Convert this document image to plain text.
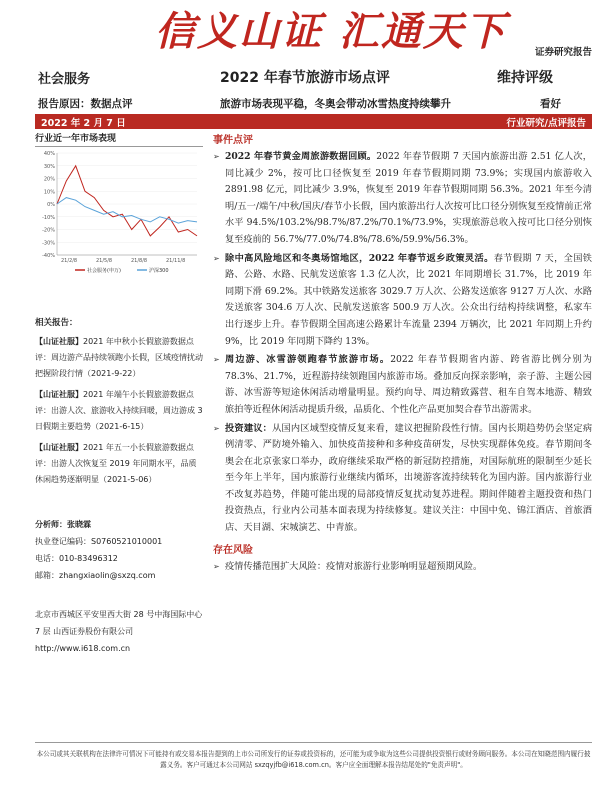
信义山证 汇通天下	证券研究报告
社会服务	2022 年春节旅游市场点评	维持评级
报告原因：数据点评	旅游市场表现平稳，冬奥会带动冰雪热度持续攀升	看好
2022 年 2 月 7 日	行业研究/点评报告
行业近一年市场表现
40%
30%
20%
10%
0%
-10%
-20%
-30%
-40%
21/2/8	21/5/8	21/8/8	21/11/8
社会服务(申万)	沪深300
相关报告：
【山证社服】2021 年中秋小长假旅游数据点评：周边游产品持续领跑小长假，区域疫情扰动把握阶段行情（2021-9-22）
【山证社服】2021 年端午小长假旅游数据点评：出游人次、旅游收入持续回暖，周边游成 3 日假期主要趋势（2021-6-15）
【山证社服】2021 年五一小长假旅游数据点评：出游人次恢复至 2019 年同期水平，品质休闲趋势逐渐明显（2021-5-06）
分析师：张晓霖
执业登记编码：S0760521010001
电话：010-83496312
邮箱：zhangxiaolin@sxzq.com
北京市西城区平安里西大街 28 号中海国际中心 7 层 山西证券股份有限公司
http://www.i618.com.cn
事件点评
➢ 2022 年春节黄金周旅游数据回顾。2022 年春节假期 7 天国内旅游出游 2.51 亿人次，同比减少 2%，按可比口径恢复至 2019 年春节假期同期 73.9%；实现国内旅游收入 2891.98 亿元，同比减少 3.9%，恢复至 2019 年春节假期同期 56.3%。2021 年至今清明/五一/端午/中秋/国庆/春节小长假，国内旅游出行人次按可比口径分别恢复至疫情前正常水平 94.5%/103.2%/98.7%/87.2%/70.1%/73.9%，实现旅游总收入按可比口径分别恢复至疫前的 56.7%/77.0%/74.8%/78.6%/59.9%/56.3%。
➢ 除中高风险地区和冬奥场馆地区，2022 年春节返乡政策灵活。春节假期 7 天，全国铁路、公路、水路、民航发送旅客 1.3 亿人次，比 2021 年同期增长 31.7%，比 2019 年同期下滑 69.2%。其中铁路发送旅客 3029.7 万人次、公路发送旅客 9127 万人次、水路发送旅客 304.6 万人次、民航发送旅客 500.9 万人次。公众出行结构持续调整，私家车出行逐步上升。春节假期全国高速公路累计车流量 2394 万辆次，比 2021 年同期上升约 9%，比 2019 年同期下降约 13%。
➢ 周边游、冰雪游领跑春节旅游市场。2022 年春节假期省内游、跨省游比例分别为 78.3%、21.7%，近程游持续领跑国内旅游市场。叠加反向探亲影响，亲子游、主题公园游、冰雪游等短途休闲活动增量明显。预约向导、周边精致露营、租车自驾本地游、精致旅拍等近程休闲活动提质升级，品质化、个性化产品更加契合春节出游需求。
➢ 投资建议：从国内区域型疫情反复来看，建议把握阶段性行情。国内长期趋势仍会坚定病例清零、严防境外输入、加快疫苗接种和多种疫苗研发，尽快实现群体免疫。春节期间冬奥会在北京张家口举办，政府继续采取严格的新冠防控措施，对国际航班的限制至少延长至今年上半年，国内旅游行业继续内循环，出境游客流持续转化为国内游。国内旅游行业不改复苏趋势，伴随可能出现的局部疫情反复扰动复苏进程。期间伴随着主题投资和热门投资热点，行业内公司基本面表现为持续修复。建议关注：中国中免、锦江酒店、首旅酒店、天目湖、宋城演艺、中青旅。
存在风险
➢ 疫情传播范围扩大风险：疫情对旅游行业影响明显超预期风险。
本公司或其关联机构在法律许可情况下可能持有或交易本报告提到的上市公司所发行的证券或投资标的，还可能为或争取为这些公司提供投资银行或财务顾问服务。本公司在知晓范围内履行披露义务。客户可通过本公司网站 sxzqyjfb@i618.com.cn。客户应全面理解本报告结尾处的"免责声明"。
